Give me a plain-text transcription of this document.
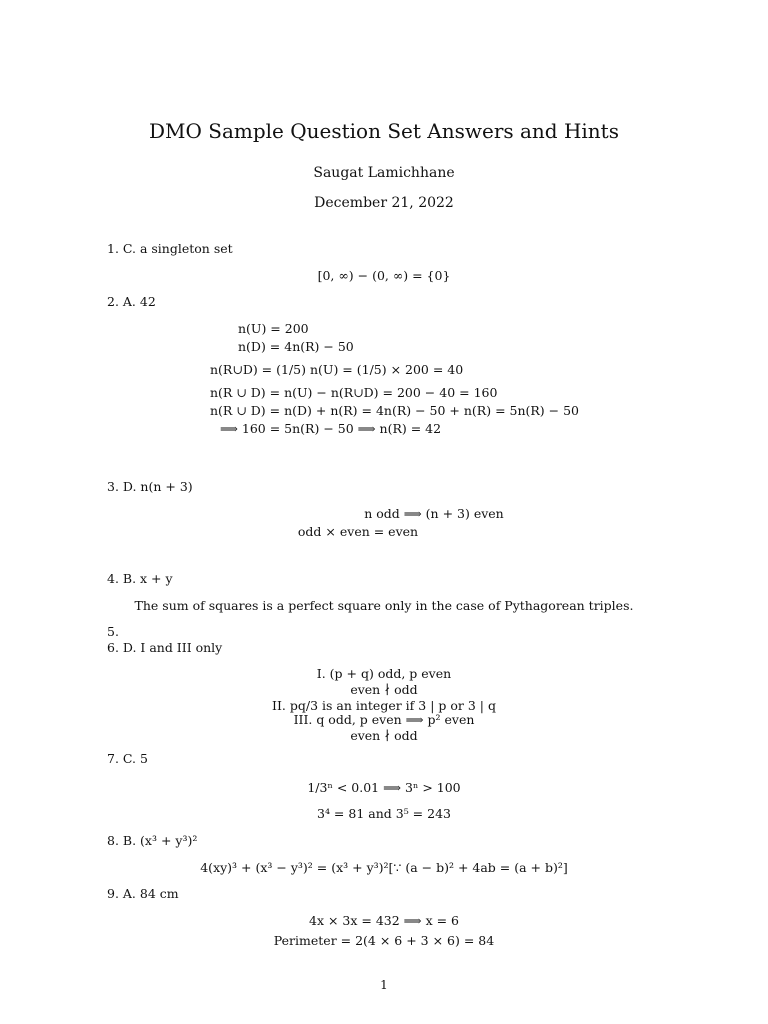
DMO Sample Question Set Answers and Hints
Saugat Lamichhane
December 21, 2022
1. C. a singleton set
[0, ∞) − (0, ∞) = {0}
2. A. 42
n(U) = 200
n(D) = 4n(R) − 50
n(R∪D) = (1/5) n(U) = (1/5) × 200 = 40
n(R ∪ D) = n(U) − n(R∪D) = 200 − 40 = 160
n(R ∪ D) = n(D) + n(R) = 4n(R) − 50 + n(R) = 5n(R) − 50
⟹ 160 = 5n(R) − 50 ⟹ n(R) = 42
3. D. n(n + 3)
n odd ⟹ (n + 3) even
odd × even = even
4. B. x + y
The sum of squares is a perfect square only in the case of Pythagorean triples.
5.
6. D. I and III only
I. (p + q) odd, p even
even ∤ odd
II. pq/3 is an integer if 3 | p or 3 | q
III. q odd, p even ⟹ p² even
even ∤ odd
7. C. 5
1/3ⁿ < 0.01 ⟹ 3ⁿ > 100
3⁴ = 81 and 3⁵ = 243
8. B. (x³ + y³)²
4(xy)³ + (x³ − y³)² = (x³ + y³)²[∵ (a − b)² + 4ab = (a + b)²]
9. A. 84 cm
4x × 3x = 432 ⟹ x = 6
Perimeter = 2(4 × 6 + 3 × 6) = 84
1
